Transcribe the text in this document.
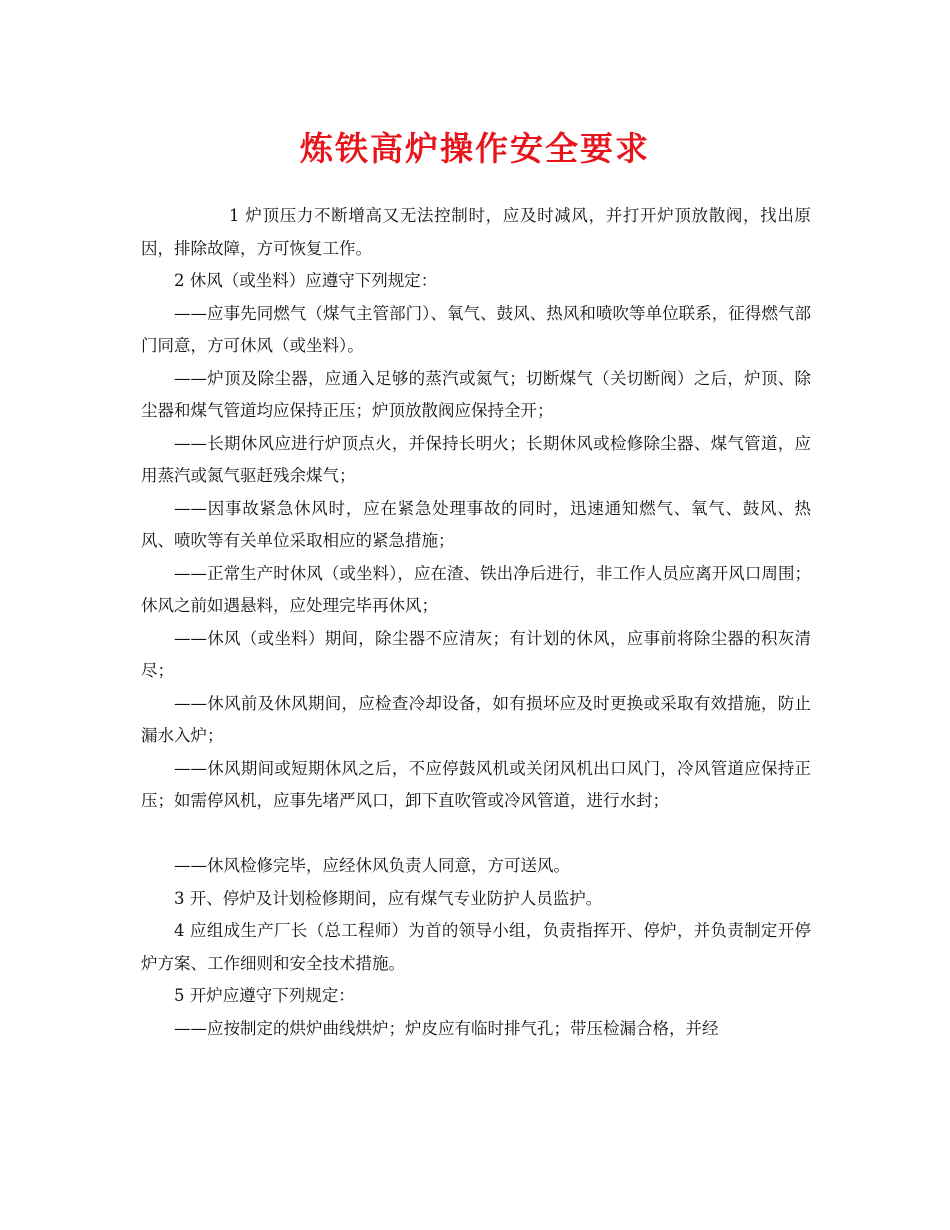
炼铁高炉操作安全要求

1 炉顶压力不断增高又无法控制时，应及时减风，并打开炉顶放散阀，找出原因，排除故障，方可恢复工作。

2 休风（或坐料）应遵守下列规定：

——应事先同燃气（煤气主管部门）、氧气、鼓风、热风和喷吹等单位联系，征得燃气部门同意，方可休风（或坐料）。

——炉顶及除尘器，应通入足够的蒸汽或氮气；切断煤气（关切断阀）之后，炉顶、除尘器和煤气管道均应保持正压；炉顶放散阀应保持全开；

——长期休风应进行炉顶点火，并保持长明火；长期休风或检修除尘器、煤气管道，应用蒸汽或氮气驱赶残余煤气；

——因事故紧急休风时，应在紧急处理事故的同时，迅速通知燃气、氧气、鼓风、热风、喷吹等有关单位采取相应的紧急措施；

——正常生产时休风（或坐料），应在渣、铁出净后进行，非工作人员应离开风口周围；休风之前如遇悬料，应处理完毕再休风；

——休风（或坐料）期间，除尘器不应清灰；有计划的休风，应事前将除尘器的积灰清尽；

——休风前及休风期间，应检查冷却设备，如有损坏应及时更换或采取有效措施，防止漏水入炉；

——休风期间或短期休风之后，不应停鼓风机或关闭风机出口风门，冷风管道应保持正压；如需停风机，应事先堵严风口，卸下直吹管或冷风管道，进行水封；

——休风检修完毕，应经休风负责人同意，方可送风。

3 开、停炉及计划检修期间，应有煤气专业防护人员监护。

4 应组成生产厂长（总工程师）为首的领导小组，负责指挥开、停炉，并负责制定开停炉方案、工作细则和安全技术措施。

5 开炉应遵守下列规定：

——应按制定的烘炉曲线烘炉；炉皮应有临时排气孔；带压检漏合格，并经
